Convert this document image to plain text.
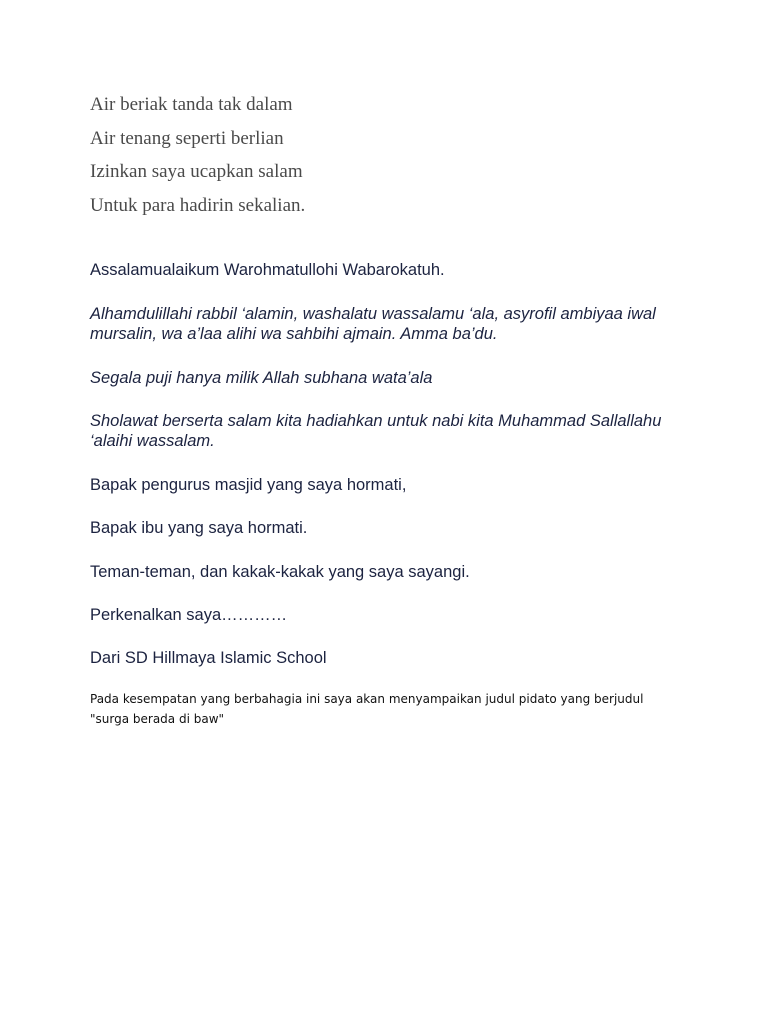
Air beriak tanda tak dalam
Air tenang seperti berlian
Izinkan saya ucapkan salam
Untuk para hadirin sekalian.

Assalamualaikum Warohmatullohi Wabarokatuh.

Alhamdulillahi rabbil ‘alamin, washalatu wassalamu ‘ala, asyrofil ambiyaa iwal mursalin, wa a’laa alihi wa sahbihi ajmain. Amma ba’du.

Segala puji hanya milik Allah subhana wata’ala

Sholawat berserta salam kita hadiahkan untuk nabi kita Muhammad Sallallahu ‘alaihi wassalam.

Bapak pengurus masjid yang saya hormati,

Bapak ibu yang saya hormati.

Teman-teman, dan kakak-kakak yang saya sayangi.

Perkenalkan saya…………

Dari SD Hillmaya Islamic School

Pada kesempatan yang berbahagia ini saya akan menyampaikan judul pidato yang berjudul "surga berada di baw"
